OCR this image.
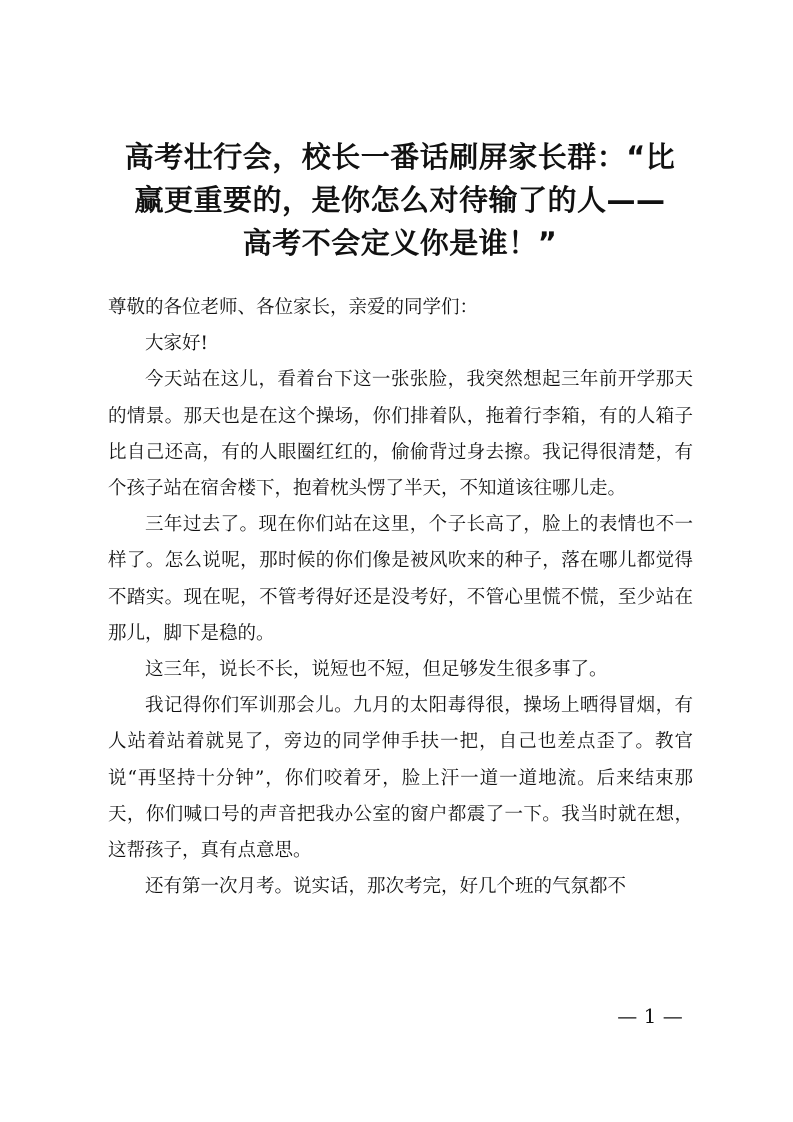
高考壮行会，校长一番话刷屏家长群：“比
赢更重要的，是你怎么对待输了的人——
高考不会定义你是谁！”

尊敬的各位老师、各位家长，亲爱的同学们：

大家好!

今天站在这儿，看着台下这一张张脸，我突然想起三年前开学那天的情景。那天也是在这个操场，你们排着队，拖着行李箱，有的人箱子比自己还高，有的人眼圈红红的，偷偷背过身去擦。我记得很清楚，有个孩子站在宿舍楼下，抱着枕头愣了半天，不知道该往哪儿走。

三年过去了。现在你们站在这里，个子长高了，脸上的表情也不一样了。怎么说呢，那时候的你们像是被风吹来的种子，落在哪儿都觉得不踏实。现在呢，不管考得好还是没考好，不管心里慌不慌，至少站在那儿，脚下是稳的。

这三年，说长不长，说短也不短，但足够发生很多事了。

我记得你们军训那会儿。九月的太阳毒得很，操场上晒得冒烟，有人站着站着就晃了，旁边的同学伸手扶一把，自己也差点歪了。教官说“再坚持十分钟”，你们咬着牙，脸上汗一道一道地流。后来结束那天，你们喊口号的声音把我办公室的窗户都震了一下。我当时就在想，这帮孩子，真有点意思。

还有第一次月考。说实话，那次考完，好几个班的气氛都不

— 1 —
